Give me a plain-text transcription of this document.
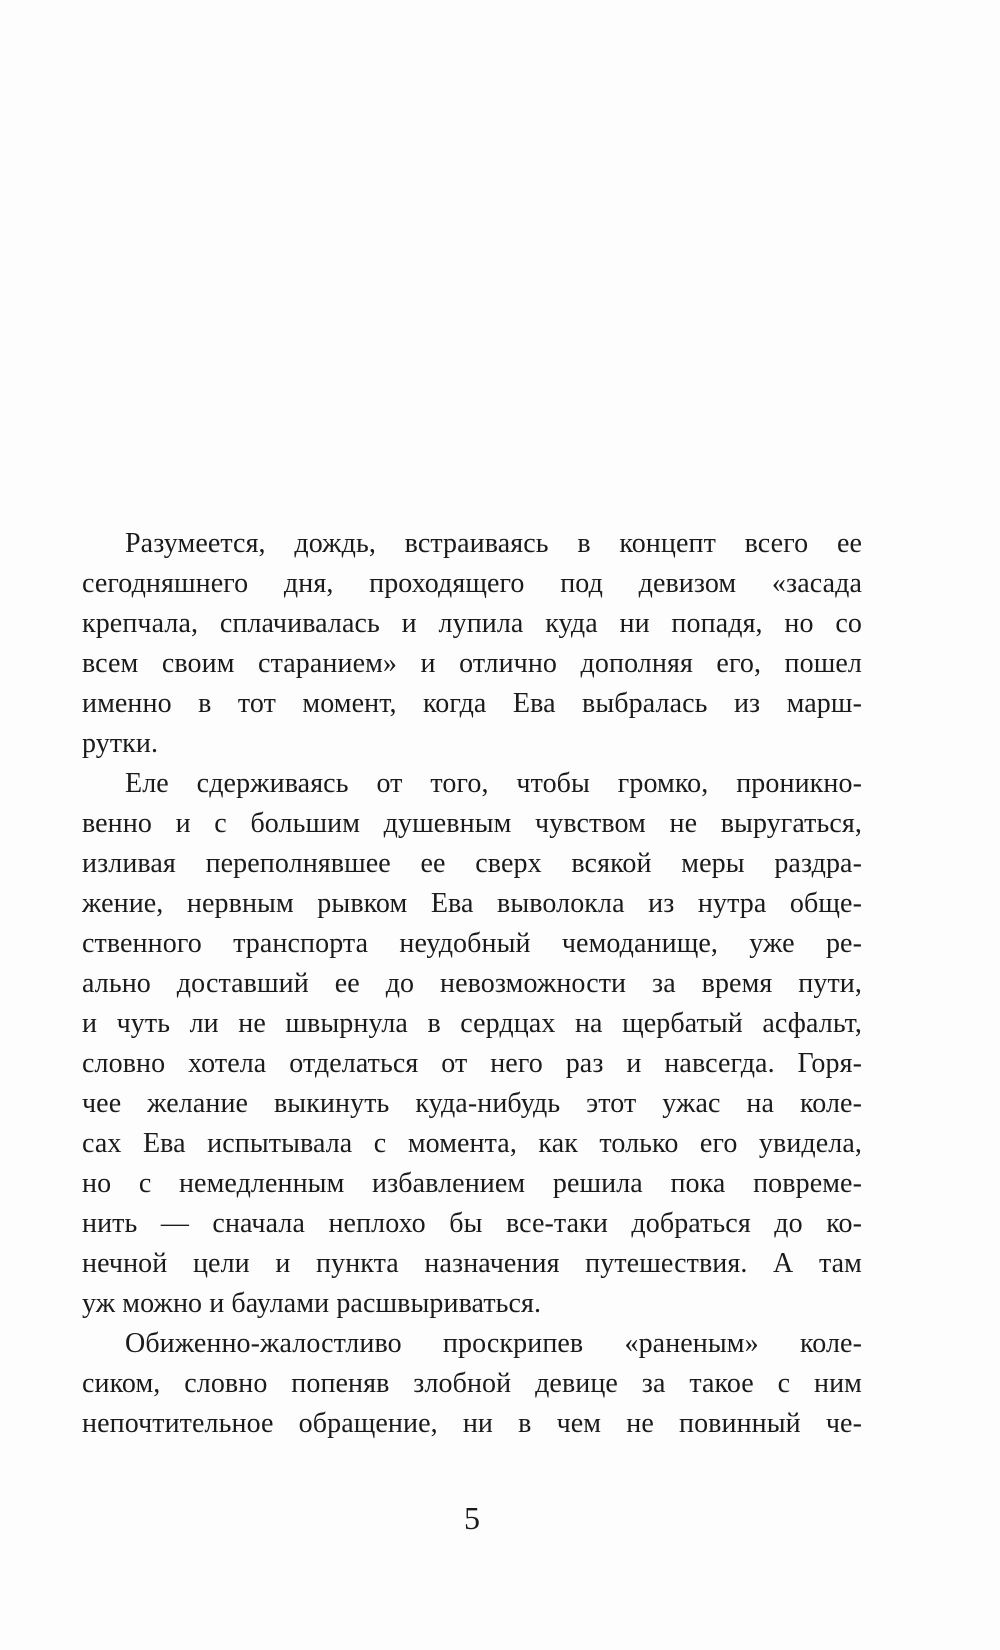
Разумеется, дождь, встраиваясь в концепт всего ее
сегодняшнего дня, проходящего под девизом «засада
крепчала, сплачивалась и лупила куда ни попадя, но со
всем своим старанием» и отлично дополняя его, пошел
именно в тот момент, когда Ева выбралась из марш-
рутки.
Еле сдерживаясь от того, чтобы громко, проникно-
венно и с большим душевным чувством не выругаться,
изливая переполнявшее ее сверх всякой меры раздра-
жение, нервным рывком Ева выволокла из нутра обще-
ственного транспорта неудобный чемоданище, уже ре-
ально доставший ее до невозможности за время пути,
и чуть ли не швырнула в сердцах на щербатый асфальт,
словно хотела отделаться от него раз и навсегда. Горя-
чее желание выкинуть куда-нибудь этот ужас на коле-
сах Ева испытывала с момента, как только его увидела,
но с немедленным избавлением решила пока повреме-
нить — сначала неплохо бы все-таки добраться до ко-
нечной цели и пункта назначения путешествия. А там
уж можно и баулами расшвыриваться.
Обиженно-жалостливо проскрипев «раненым» коле-
сиком, словно попеняв злобной девице за такое с ним
непочтительное обращение, ни в чем не повинный че-
5
